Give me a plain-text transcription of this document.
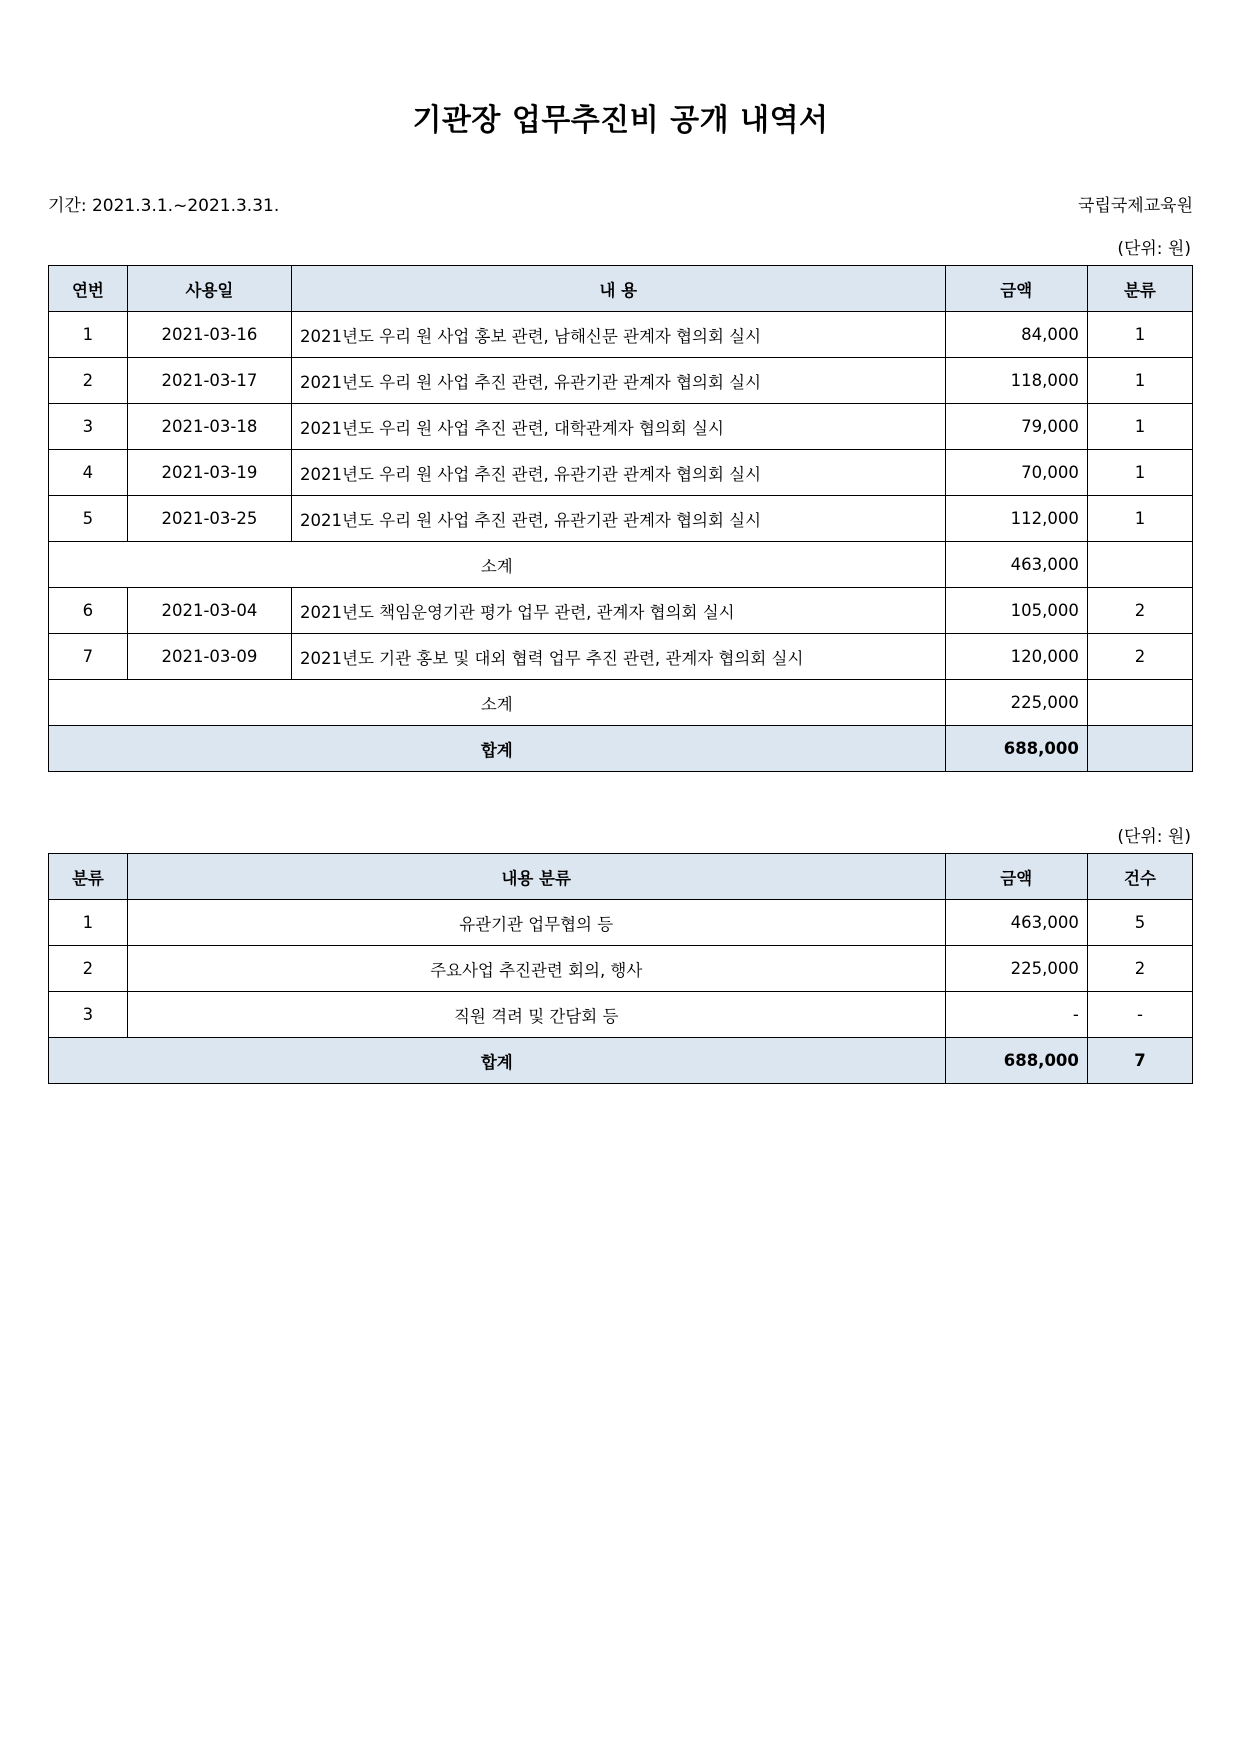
기관장 업무추진비 공개 내역서
기간: 2021.3.1.~2021.3.31.	국립국제교육원
(단위: 원)
연번	사용일	내 용	금액	분류
1	2021-03-16	2021년도 우리 원 사업 홍보 관련, 남해신문 관계자 협의회 실시	84,000	1
2	2021-03-17	2021년도 우리 원 사업 추진 관련, 유관기관 관계자 협의회 실시	118,000	1
3	2021-03-18	2021년도 우리 원 사업 추진 관련, 대학관계자 협의회 실시	79,000	1
4	2021-03-19	2021년도 우리 원 사업 추진 관련, 유관기관 관계자 협의회 실시	70,000	1
5	2021-03-25	2021년도 우리 원 사업 추진 관련, 유관기관 관계자 협의회 실시	112,000	1
소계			463,000	
6	2021-03-04	2021년도 책임운영기관 평가 업무 관련, 관계자 협의회 실시	105,000	2
7	2021-03-09	2021년도 기관 홍보 및 대외 협력 업무 추진 관련, 관계자 협의회 실시	120,000	2
소계			225,000	
합계			688,000	
(단위: 원)
분류	내용 분류	금액	건수
1	유관기관 업무협의 등	463,000	5
2	주요사업 추진관련 회의, 행사	225,000	2
3	직원 격려 및 간담회 등	-	-
합계		688,000	7
